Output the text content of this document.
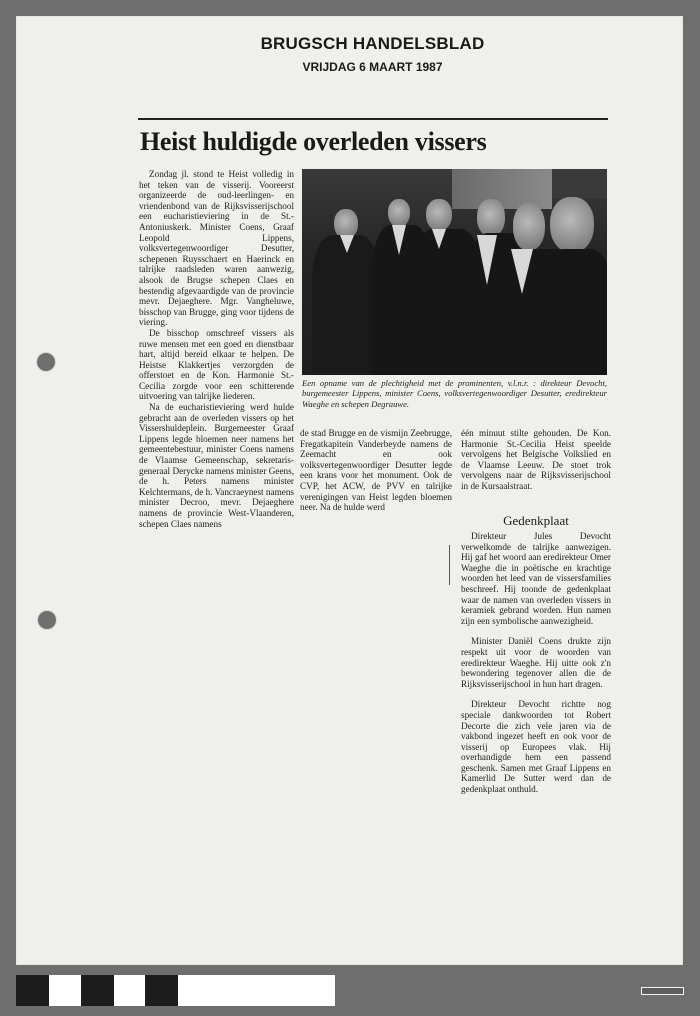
BRUGSCH HANDELSBLAD
VRIJDAG 6 MAART 1987
Heist huldigde overleden vissers

Zondag jl. stond te Heist volledig in het teken van de visserij. Vooreerst organizeerde de oud-leerlingen- en vriendenbond van de Rijksvisserijschool een eucharistieviering in de St.-Antoniuskerk. Minister Coens, Graaf Leopold Lippens, volksvertegenwoordiger Desutter, schepenen Ruysschaert en Haerinck en talrijke raadsleden waren aanwezig, alsook de Brugse schepen Claes en bestendig afgevaardigde van de provincie mevr. Dejaeghere. Mgr. Vangheluwe, bisschop van Brugge, ging voor tijdens de viering.

De bisschop omschreef vissers als ruwe mensen met een goed en dienstbaar hart, altijd bereid elkaar te helpen. De Heistse Klakkertjes verzorgden de offerstoet en de Kon. Harmonie St.-Cecilia zorgde voor een schitterende uitvoering van talrijke liederen.

Na de eucharistieviering werd hulde gebracht aan de overleden vissers op het Vissershuldeplein. Burgemeester Graaf Lippens legde bloemen neer namens het gemeentebestuur, minister Coens namens de Vlaamse Gemeenschap, sekretaris-generaal Derycke namens minister Geens, de h. Peters namens minister Kelchtermans, de h. Vancraeynest namens minister Decroo, mevr. Dejaeghere namens de provincie West-Vlaanderen, schepen Claes namens

Een opname van de plechtigheid met de prominenten, v.l.n.r. : direkteur Devocht, burgemeester Lippens, minister Coens, volksvertegenwoordiger Desutter, eredirekteur Waeghe en schepen Degrauwe.

de stad Brugge en de vismijn Zeebrugge, Fregatkapitein Vanderbeyde namens de Zeemacht en ook volksvertegenwoordiger Desutter legde een krans voor het monument. Ook de CVP, het ACW, de PVV en talrijke verenigingen van Heist legden bloemen neer. Na de hulde werd

één minuut stilte gehouden. De Kon. Harmonie St.-Cecilia Heist speelde vervolgens het Belgische Volkslied en de Vlaamse Leeuw. De stoet trok vervolgens naar de Rijksvisserijschool in de Kursaalstraat.

Gedenkplaat

Direkteur Jules Devocht verwelkomde de talrijke aanwezigen. Hij gaf het woord aan eredirekteur Omer Waeghe die in poëtische en krachtige woorden het leed van de vissersfamilies beschreef. Hij toonde de gedenkplaat waar de namen van overleden vissers in keramiek gebrand worden. Hun namen zijn een symbolische aanwezigheid.

Minister Daniël Coens drukte zijn respekt uit voor de woorden van eredirekteur Waeghe. Hij uitte ook z'n bewondering tegenover allen die de Rijksvisserijschool in hun hart dragen.

Direkteur Devocht richtte nog speciale dankwoorden tot Robert Decorte die zich vele jaren via de vakbond ingezet heeft en ook voor de visserij op Europees vlak. Hij overhandigde hem een passend geschenk. Samen met Graaf Lippens en Kamerlid De Sutter werd dan de gedenkplaat onthuld.
